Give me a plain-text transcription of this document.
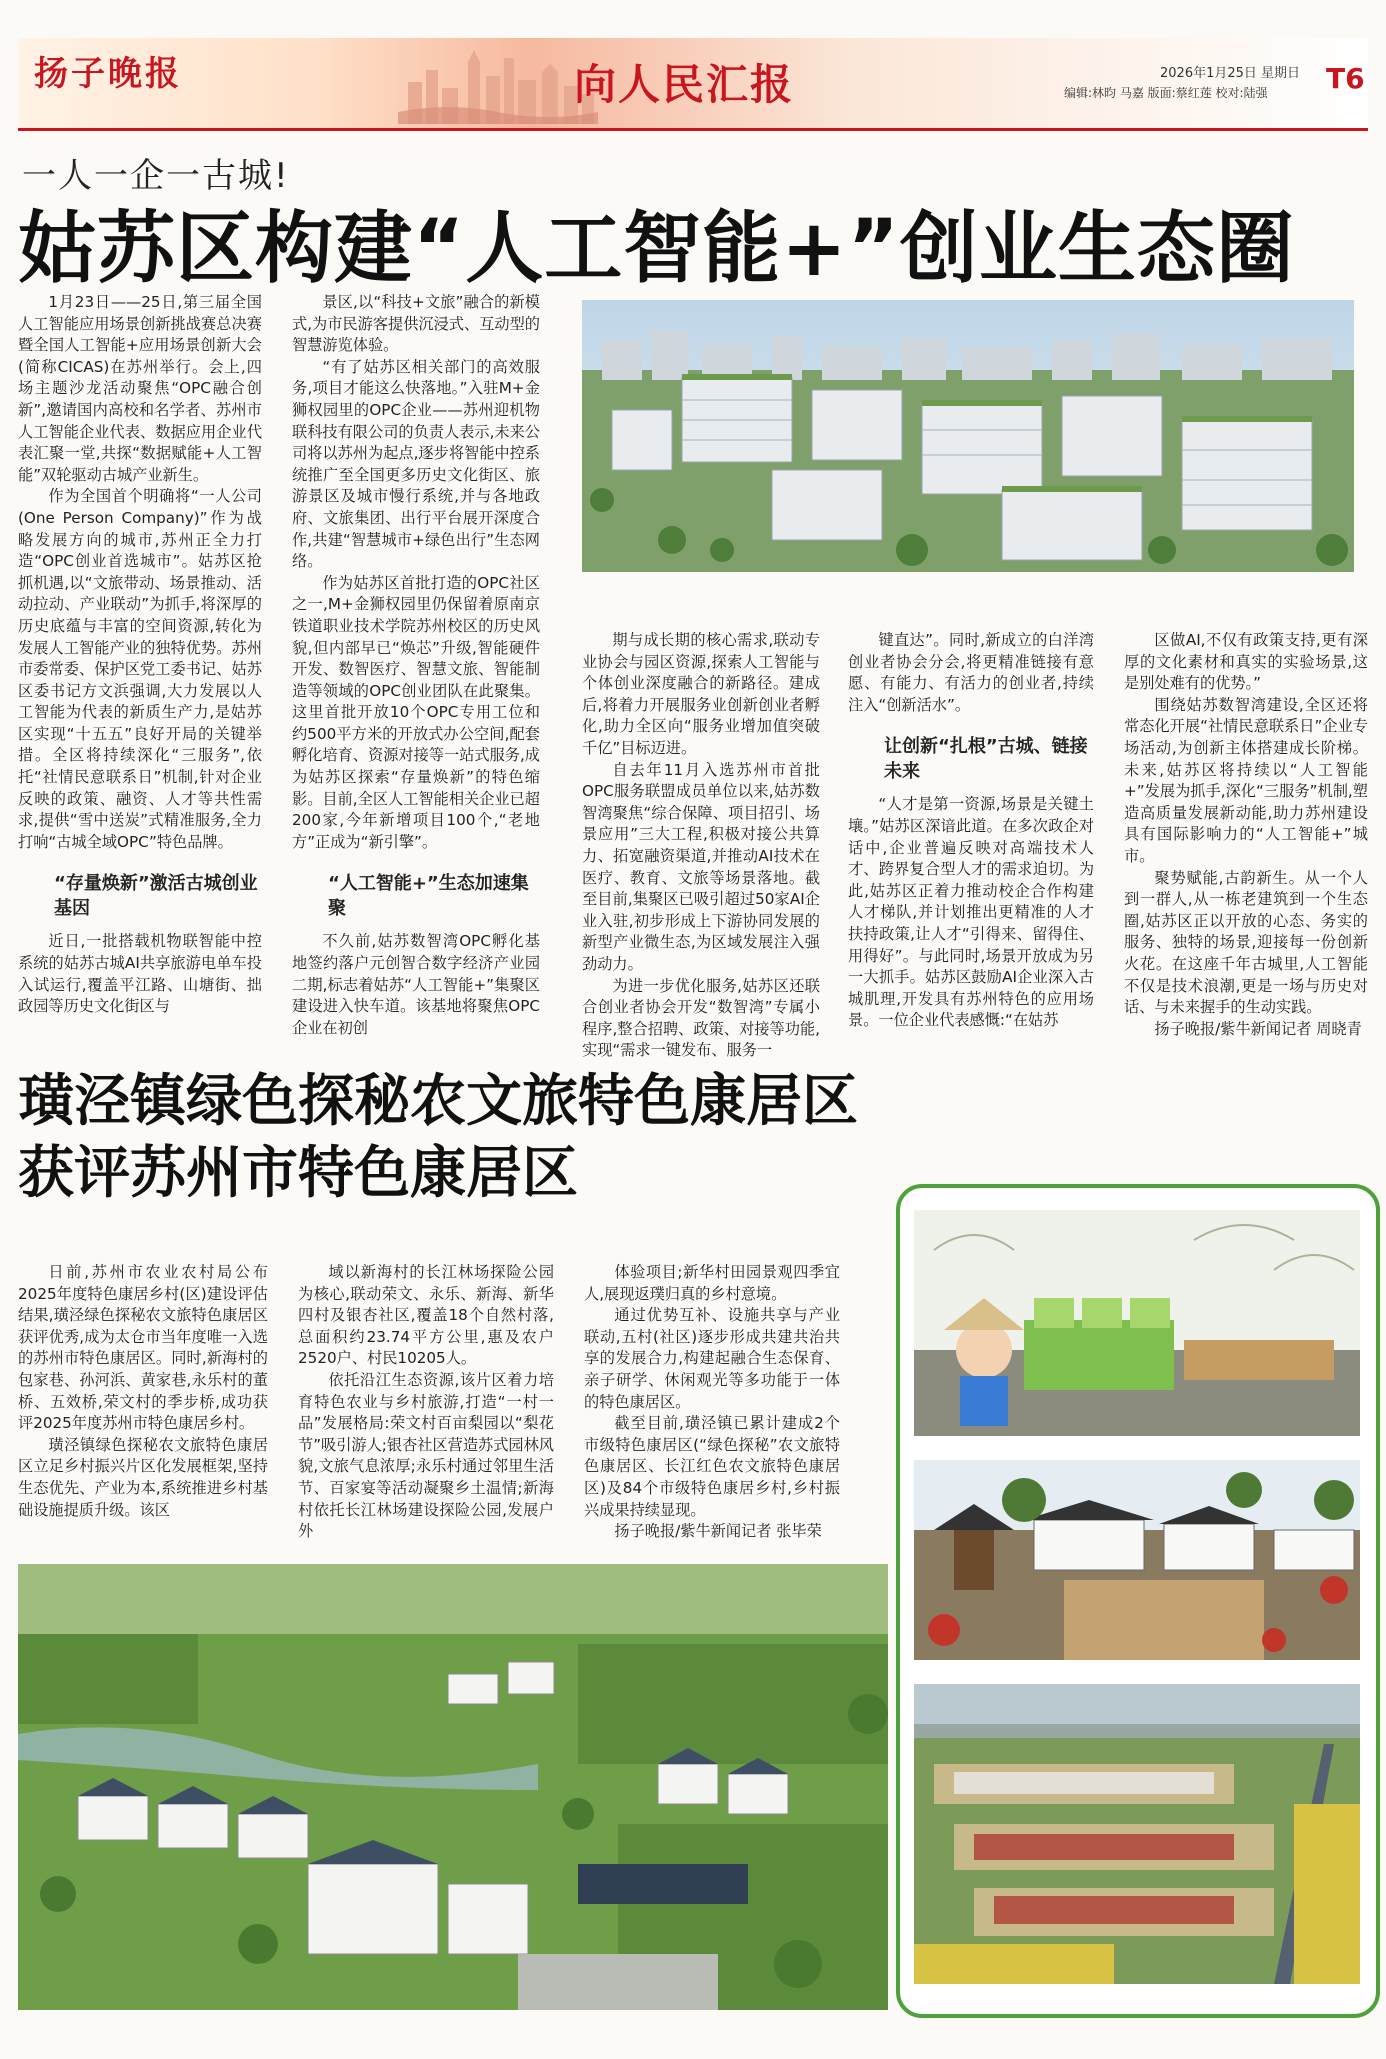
扬子晚报	向人民汇报	2026年1月25日 星期日
编辑:林昀 马嘉 版面:蔡红莲 校对:陆强 T6
一人一企一古城!
姑苏区构建“人工智能+”创业生态圈

1月23日——25日,第三届全国人工智能应用场景创新挑战赛总决赛暨全国人工智能+应用场景创新大会(简称CICAS)在苏州举行。会上,四场主题沙龙活动聚焦“OPC融合创新”,邀请国内高校和名学者、苏州市人工智能企业代表、数据应用企业代表汇聚一堂,共探“数据赋能+人工智能”双轮驱动古城产业新生。

作为全国首个明确将“一人公司(One Person Company)”作为战略发展方向的城市,苏州正全力打造“OPC创业首选城市”。姑苏区抢抓机遇,以“文旅带动、场景推动、活动拉动、产业联动”为抓手,将深厚的历史底蕴与丰富的空间资源,转化为发展人工智能产业的独特优势。苏州市委常委、保护区党工委书记、姑苏区委书记方文浜强调,大力发展以人工智能为代表的新质生产力,是姑苏区实现“十五五”良好开局的关键举措。全区将持续深化“三服务”,依托“社情民意联系日”机制,针对企业反映的政策、融资、人才等共性需求,提供“雪中送炭”式精准服务,全力打响“古城全域OPC”特色品牌。

“存量焕新”激活古城创业基因

近日,一批搭载机物联智能中控系统的姑苏古城AI共享旅游电单车投入试运行,覆盖平江路、山塘街、拙政园等历史文化街区与

景区,以“科技+文旅”融合的新模式,为市民游客提供沉浸式、互动型的智慧游览体验。

“有了姑苏区相关部门的高效服务,项目才能这么快落地。”入驻M+金狮权园里的OPC企业——苏州迎机物联科技有限公司的负责人表示,未来公司将以苏州为起点,逐步将智能中控系统推广至全国更多历史文化街区、旅游景区及城市慢行系统,并与各地政府、文旅集团、出行平台展开深度合作,共建“智慧城市+绿色出行”生态网络。

作为姑苏区首批打造的OPC社区之一,M+金狮权园里仍保留着原南京铁道职业技术学院苏州校区的历史风貌,但内部早已“焕芯”升级,智能硬件开发、数智医疗、智慧文旅、智能制造等领域的OPC创业团队在此聚集。这里首批开放10个OPC专用工位和约500平方米的开放式办公空间,配套孵化培育、资源对接等一站式服务,成为姑苏区探索“存量焕新”的特色缩影。目前,全区人工智能相关企业已超200家,今年新增项目100个,“老地方”正成为“新引擎”。

“人工智能+”生态加速集聚

不久前,姑苏数智湾OPC孵化基地签约落户元创智合数字经济产业园二期,标志着姑苏“人工智能+”集聚区建设进入快车道。该基地将聚焦OPC企业在初创

期与成长期的核心需求,联动专业协会与园区资源,探索人工智能与个体创业深度融合的新路径。建成后,将着力开展服务业创新创业者孵化,助力全区向“服务业增加值突破千亿”目标迈进。

自去年11月入选苏州市首批OPC服务联盟成员单位以来,姑苏数智湾聚焦“综合保障、项目招引、场景应用”三大工程,积极对接公共算力、拓宽融资渠道,并推动AI技术在医疗、教育、文旅等场景落地。截至目前,集聚区已吸引超过50家AI企业入驻,初步形成上下游协同发展的新型产业微生态,为区域发展注入强劲动力。

为进一步优化服务,姑苏区还联合创业者协会开发“数智湾”专属小程序,整合招聘、政策、对接等功能,实现“需求一键发布、服务一

键直达”。同时,新成立的白洋湾创业者协会分会,将更精准链接有意愿、有能力、有活力的创业者,持续注入“创新活水”。

让创新“扎根”古城、链接未来

“人才是第一资源,场景是关键土壤。”姑苏区深谙此道。在多次政企对话中,企业普遍反映对高端技术人才、跨界复合型人才的需求迫切。为此,姑苏区正着力推动校企合作构建人才梯队,并计划推出更精准的人才扶持政策,让人才“引得来、留得住、用得好”。与此同时,场景开放成为另一大抓手。姑苏区鼓励AI企业深入古城肌理,开发具有苏州特色的应用场景。一位企业代表感慨:“在姑苏

区做AI,不仅有政策支持,更有深厚的文化素材和真实的实验场景,这是别处难有的优势。”

围绕姑苏数智湾建设,全区还将常态化开展“社情民意联系日”企业专场活动,为创新主体搭建成长阶梯。未来,姑苏区将持续以“人工智能+”发展为抓手,深化“三服务”机制,塑造高质量发展新动能,助力苏州建设具有国际影响力的“人工智能+”城市。

聚势赋能,古韵新生。从一个人到一群人,从一栋老建筑到一个生态圈,姑苏区正以开放的心态、务实的服务、独特的场景,迎接每一份创新火花。在这座千年古城里,人工智能不仅是技术浪潮,更是一场与历史对话、与未来握手的生动实践。

扬子晚报/紫牛新闻记者 周晓青

璜泾镇绿色探秘农文旅特色康居区
获评苏州市特色康居区

日前,苏州市农业农村局公布2025年度特色康居乡村(区)建设评估结果,璜泾绿色探秘农文旅特色康居区获评优秀,成为太仓市当年度唯一入选的苏州市特色康居区。同时,新海村的包家巷、孙河浜、黄家巷,永乐村的董桥、五效桥,荣文村的季步桥,成功获评2025年度苏州市特色康居乡村。

璜泾镇绿色探秘农文旅特色康居区立足乡村振兴片区化发展框架,坚持生态优先、产业为本,系统推进乡村基础设施提质升级。该区

域以新海村的长江林场探险公园为核心,联动荣文、永乐、新海、新华四村及银杏社区,覆盖18个自然村落,总面积约23.74平方公里,惠及农户2520户、村民10205人。

依托沿江生态资源,该片区着力培育特色农业与乡村旅游,打造“一村一品”发展格局:荣文村百亩梨园以“梨花节”吸引游人;银杏社区营造苏式园林风貌,文旅气息浓厚;永乐村通过邻里生活节、百家宴等活动凝聚乡土温情;新海村依托长江林场建设探险公园,发展户外

体验项目;新华村田园景观四季宜人,展现返璞归真的乡村意境。

通过优势互补、设施共享与产业联动,五村(社区)逐步形成共建共治共享的发展合力,构建起融合生态保育、亲子研学、休闲观光等多功能于一体的特色康居区。

截至目前,璜泾镇已累计建成2个市级特色康居区(“绿色探秘”农文旅特色康居区、长江红色农文旅特色康居区)及84个市级特色康居乡村,乡村振兴成果持续显现。

扬子晚报/紫牛新闻记者 张毕荣
